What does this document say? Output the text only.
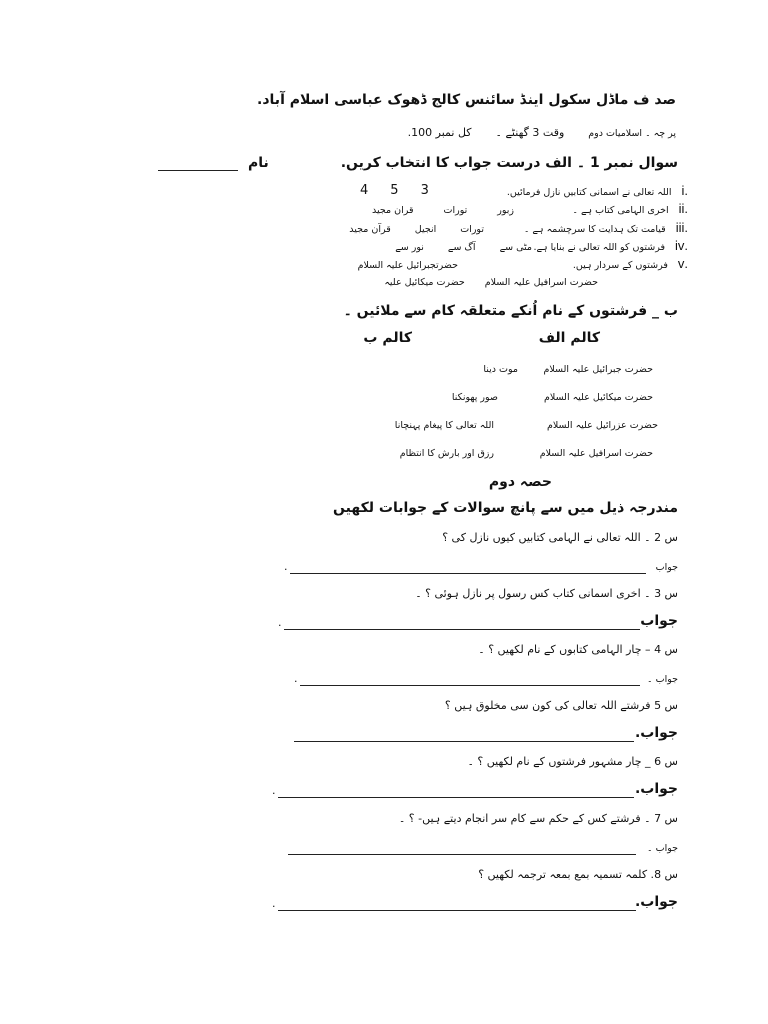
صد ف ماڈل سکول اینڈ سائنس کالج ڈھوک عباسی اسلام آباد.
پر چہ ۔ اسلامیات دوم
وقت 3 گھنٹے ۔
کل نمبر 100.
سوال نمبر 1 ۔ الف درست جواب کا انتخاب کریں.
نام
.i
اللہ تعالی نے اسمانی کتابیں نازل فرمائیں.
4 5 3
.ii
اخری الہامی کتاب ہے ۔
زبور
تورات
قران مجید
.iii
قیامت تک ہدایت کا سرچشمہ ہے ۔
تورات
انجیل
قرآن مجید
.iv
فرشتوں کو اللہ تعالی نے بنایا ہے.
مٹی سے
آگ سے
نور سے
.v
فرشتوں کے سردار ہیں.
حضرتجبرائیل علیہ السلام
حضرت اسرافیل علیہ السلام
حضرت میکائیل علیہ
ب _ فرشتوں کے نام اُنکے متعلقہ کام سے ملائیں ۔
کالم الف
کالم ب
حضرت جبرائیل علیہ السلام
حضرت میکائیل علیہ السلام
حضرت عزرائیل علیہ السلام
حضرت اسرافیل علیہ السلام
موت دینا
صور پھونکنا
اللہ تعالی کا پیغام پہنچانا
رزق اور بارش کا انتظام
حصہ دوم
مندرجہ ذیل میں سے پانچ سوالات کے جوابات لکھیں
س 2 ۔ اللہ تعالی نے الہامی کتابیں کیوں نازل کی ؟
جواب
.
س 3 ۔ اخری اسمانی کتاب کس رسول پر نازل ہوئی ؟ ۔
جواب
.
س 4 – چار الہامی کتابوں کے نام لکھیں ؟ ۔
جواب ۔
.
س 5 فرشتے اللہ تعالی کی کون سی مخلوق ہیں ؟
جواب.
س 6 _ چار مشہور فرشتوں کے نام لکھیں ؟ ۔
جواب.
.
س 7 ۔ فرشتے کس کے حکم سے کام سر انجام دیتے ہیں- ؟ ۔
جواب ۔
س 8. کلمہ تسمیہ بمع بمعہ ترجمہ لکھیں ؟
جواب.
.
